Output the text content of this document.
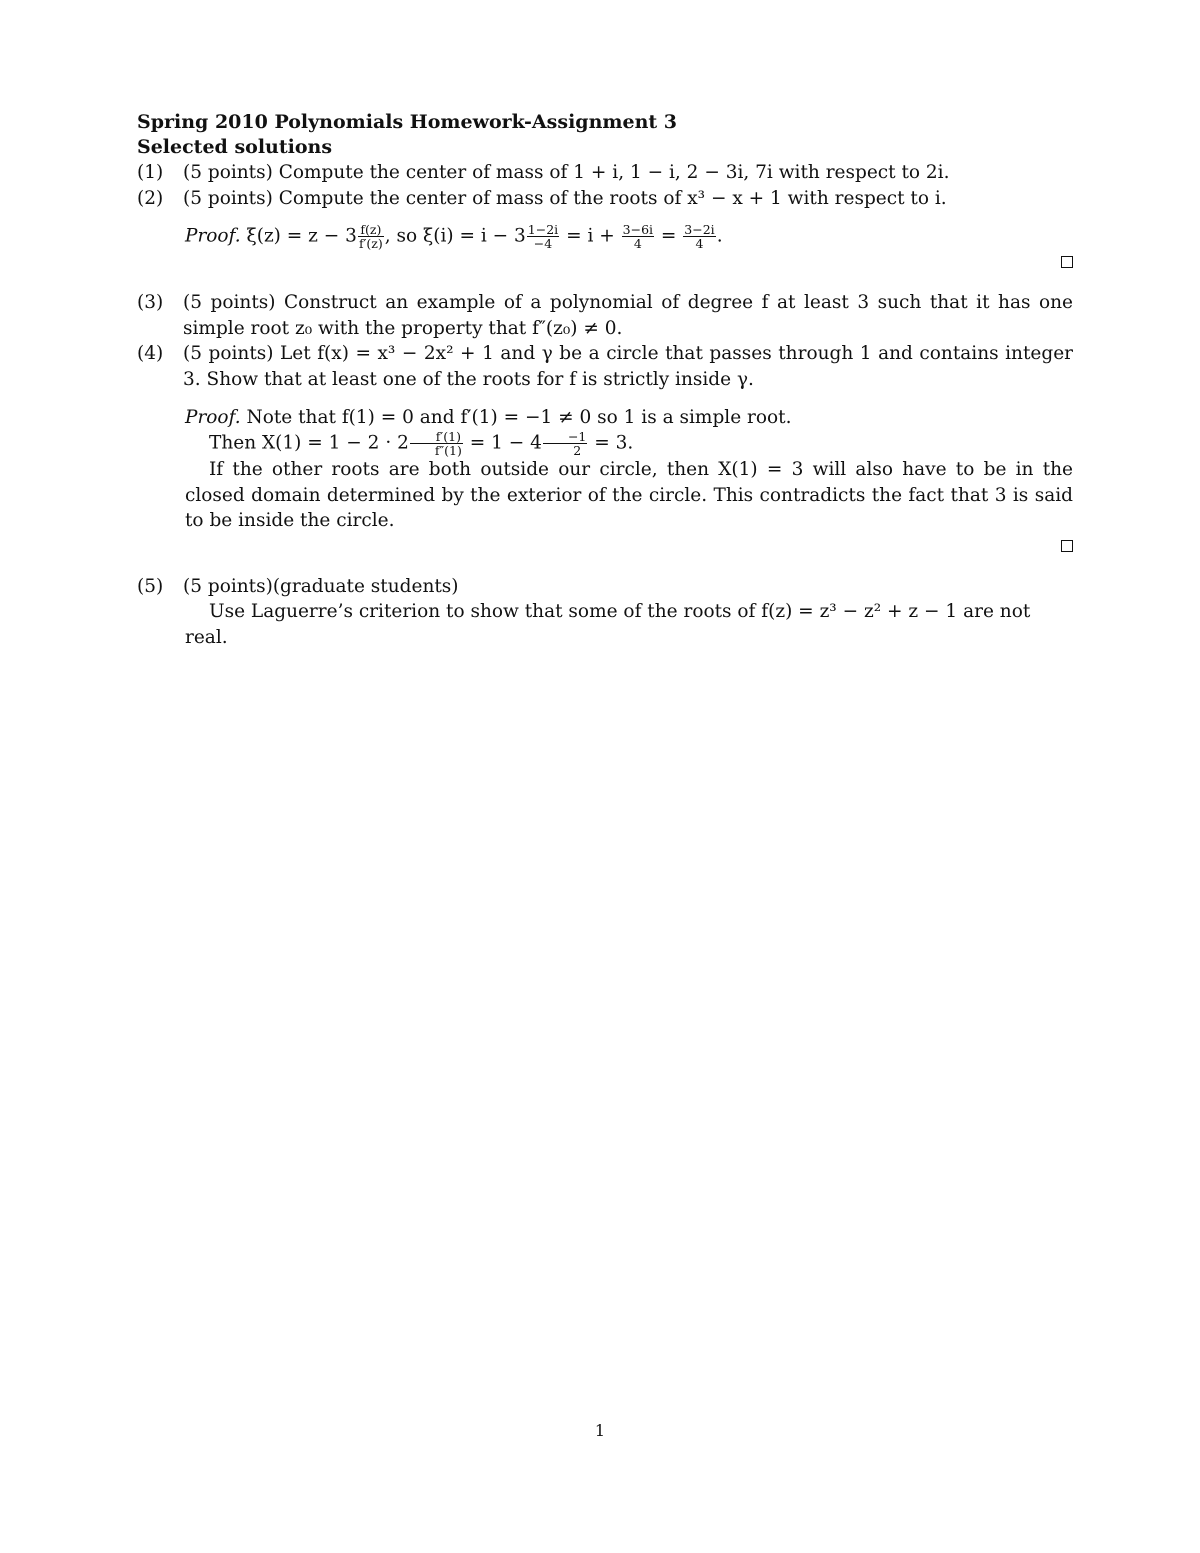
Spring 2010 Polynomials Homework-Assignment 3
Selected solutions
(1)	(5 points) Compute the center of mass of 1 + i, 1 − i, 2 − 3i, 7i with respect to 2i.
(2)	(5 points) Compute the center of mass of the roots of x³ − x + 1 with respect to i.
Proof. $\xi(z) = z - 3 \frac{f(z)}{f'(z)}$ , so $\xi(i) = i - 3 \frac{1-2i}{-4} = i + \frac{3-6i}{4} = \frac{3-2i}{4}$ .
(3)	(5 points) Construct an example of a polynomial of degree f at least 3 such that it has one simple root z₀ with the property that f″(z₀) ≠ 0.
(4)	(5 points) Let f(x) = x³ − 2x² + 1 and γ be a circle that passes through 1 and contains integer 3. Show that at least one of the roots for f is strictly inside γ.
Proof. Note that f(1) = 0 and f′(1) = −1 ≠ 0 so 1 is a simple root.
Then $X(1) = 1 - 2 \cdot 2 \frac{f'(1)}{f''(1)} = 1 - 4 \frac{-1}{2} = 3$.
If the other roots are both outside our circle, then X(1) = 3 will also have to be in the closed domain determined by the exterior of the circle. This contradicts the fact that 3 is said to be inside the circle.
(5)	(5 points)(graduate students)
Use Laguerre’s criterion to show that some of the roots of f(z) = z³ − z² + z − 1 are not real.
1
